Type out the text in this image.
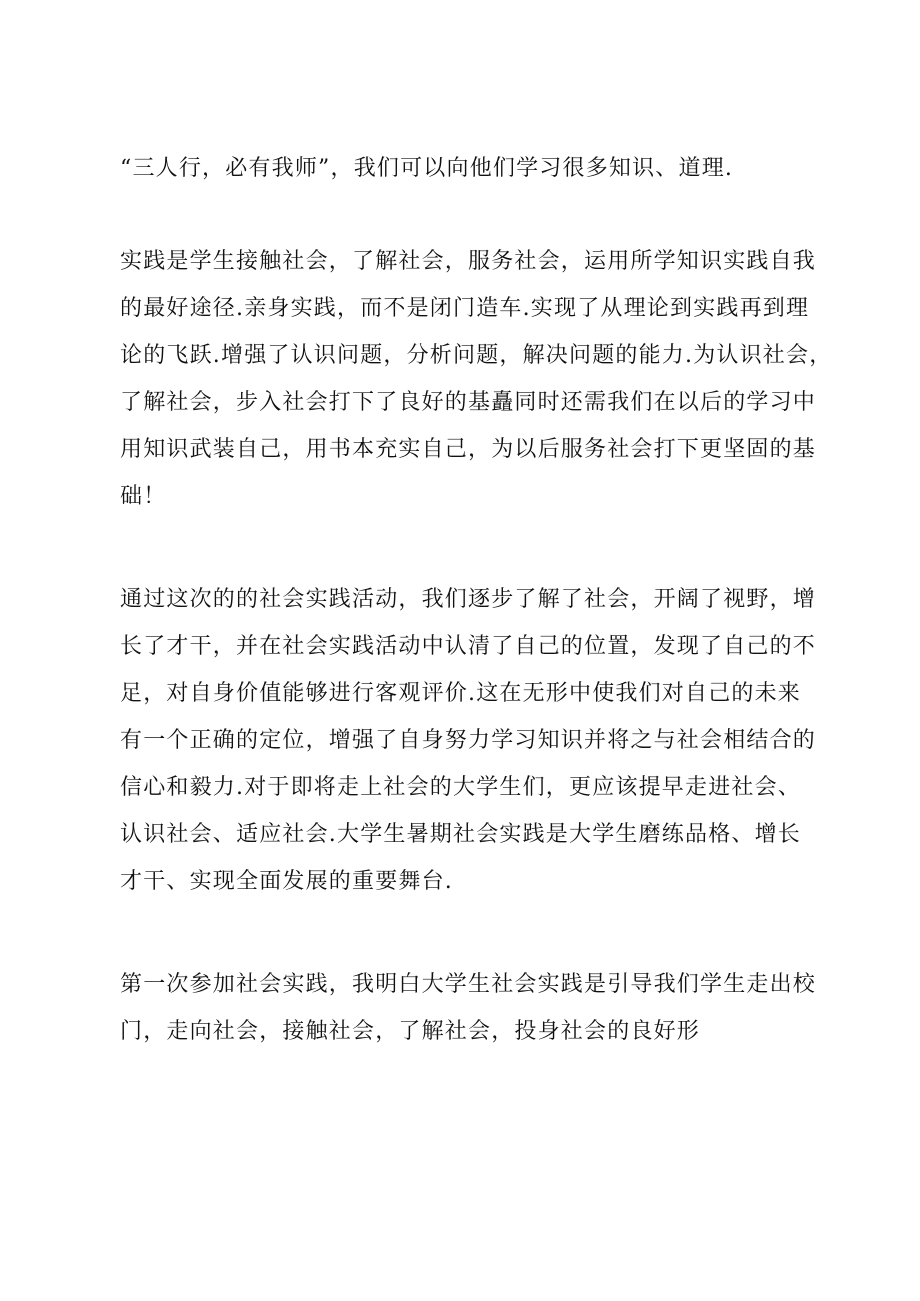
“三人行，必有我师”，我们可以向他们学习很多知识、道理.
实践是学生接触社会，了解社会，服务社会，运用所学知识实践自我
的最好途径.亲身实践，而不是闭门造车.实现了从理论到实践再到理
论的飞跃.增强了认识问题，分析问题，解决问题的能力.为认识社会，
了解社会，步入社会打下了良好的基矗同时还需我们在以后的学习中
用知识武装自己，用书本充实自己，为以后服务社会打下更坚固的基
础！
通过这次的的社会实践活动，我们逐步了解了社会，开阔了视野，增
长了才干，并在社会实践活动中认清了自己的位置，发现了自己的不
足，对自身价值能够进行客观评价.这在无形中使我们对自己的未来
有一个正确的定位，增强了自身努力学习知识并将之与社会相结合的
信心和毅力.对于即将走上社会的大学生们，更应该提早走进社会、
认识社会、适应社会.大学生暑期社会实践是大学生磨练品格、增长
才干、实现全面发展的重要舞台.
第一次参加社会实践，我明白大学生社会实践是引导我们学生走出校
门，走向社会，接触社会，了解社会，投身社会的良好形
